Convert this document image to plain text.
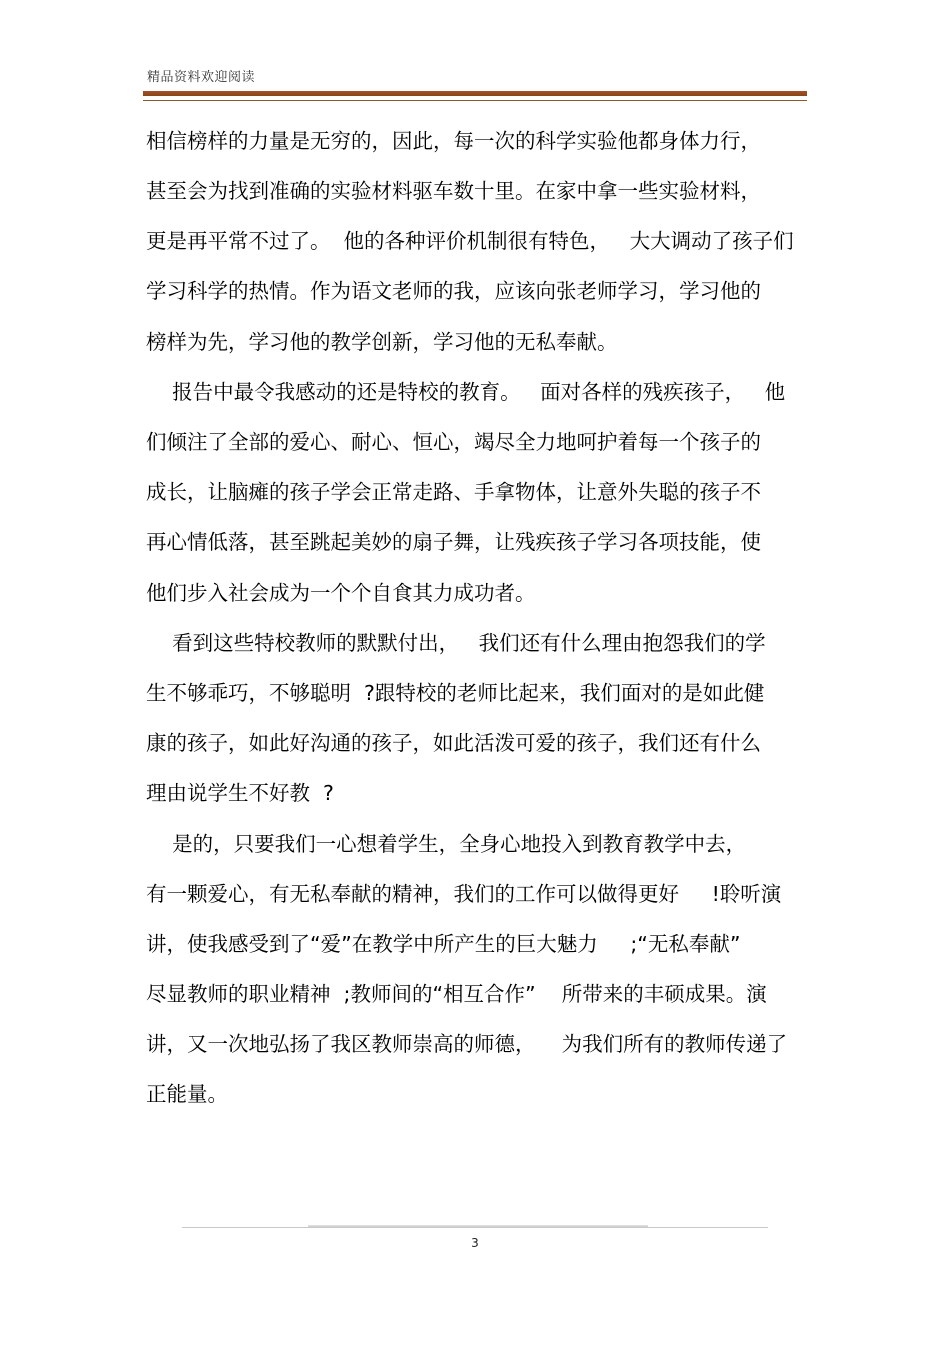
精品资料欢迎阅读
相信榜样的力量是无穷的，因此，每一次的科学实验他都身体力行，
甚至会为找到准确的实验材料驱车数十里。在家中拿一些实验材料，
更是再平常不过了。  他的各种评价机制很有特色，   大大调动了孩子们
学习科学的热情。作为语文老师的我，应该向张老师学习，学习他的
榜样为先，学习他的教学创新，学习他的无私奉献。
报告中最令我感动的还是特校的教育。   面对各样的残疾孩子，   他
们倾注了全部的爱心、耐心、恒心，竭尽全力地呵护着每一个孩子的
成长，让脑瘫的孩子学会正常走路、手拿物体，让意外失聪的孩子不
再心情低落，甚至跳起美妙的扇子舞，让残疾孩子学习各项技能，使
他们步入社会成为一个个自食其力成功者。
看到这些特校教师的默默付出，   我们还有什么理由抱怨我们的学
生不够乖巧，不够聪明  ?跟特校的老师比起来，我们面对的是如此健
康的孩子，如此好沟通的孩子，如此活泼可爱的孩子，我们还有什么
理由说学生不好教  ?
是的，只要我们一心想着学生，全身心地投入到教育教学中去，
有一颗爱心，有无私奉献的精神，我们的工作可以做得更好     !聆听演
讲，使我感受到了“爱”在教学中所产生的巨大魅力     ;“无私奉献”
尽显教师的职业精神  ;教师间的“相互合作”    所带来的丰硕成果。演
讲，又一次地弘扬了我区教师崇高的师德，    为我们所有的教师传递了
正能量。
3
